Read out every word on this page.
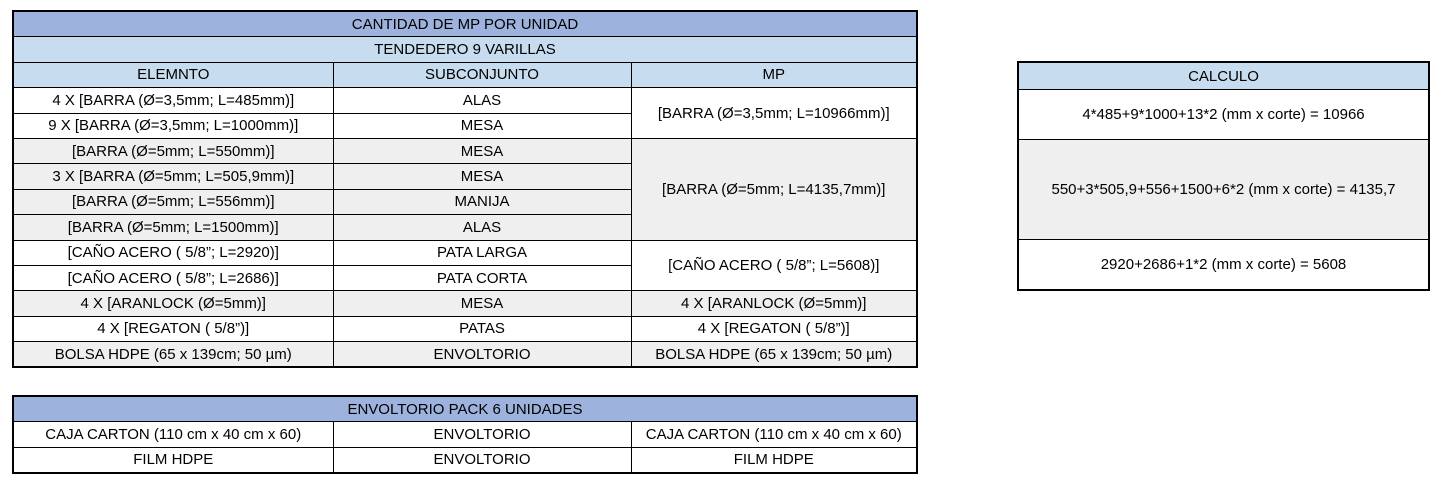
CANTIDAD DE MP POR UNIDAD		
TENDEDERO 9 VARILLAS		
ELEMNTO	SUBCONJUNTO	MP
4 X [BARRA (Ø=3,5mm; L=485mm)]	ALAS	[BARRA (Ø=3,5mm; L=10966mm)]
9 X [BARRA (Ø=3,5mm; L=1000mm)]	MESA	
[BARRA (Ø=5mm; L=550mm)]	MESA	[BARRA (Ø=5mm; L=4135,7mm)]
3 X [BARRA (Ø=5mm; L=505,9mm)]	MESA	
[BARRA (Ø=5mm; L=556mm)]	MANIJA	
[BARRA (Ø=5mm; L=1500mm)]	ALAS	
[CAÑO ACERO ( 5/8”; L=2920)]	PATA LARGA	[CAÑO ACERO ( 5/8”; L=5608)]
[CAÑO ACERO ( 5/8”; L=2686)]	PATA CORTA	
4 X [ARANLOCK (Ø=5mm)]	MESA	4 X [ARANLOCK (Ø=5mm)]
4 X [REGATON ( 5/8”)]	PATAS	4 X [REGATON ( 5/8”)]
BOLSA HDPE (65 x 139cm; 50 µm)	ENVOLTORIO	BOLSA HDPE (65 x 139cm; 50 µm)
ENVOLTORIO PACK 6 UNIDADES		
CAJA CARTON (110 cm x 40 cm x 60)	ENVOLTORIO	CAJA CARTON (110 cm x 40 cm x 60)
FILM HDPE	ENVOLTORIO	FILM HDPE
CALCULO
4*485+9*1000+13*2 (mm x corte) = 10966
550+3*505,9+556+1500+6*2 (mm x corte) = 4135,7
2920+2686+1*2 (mm x corte) = 5608
